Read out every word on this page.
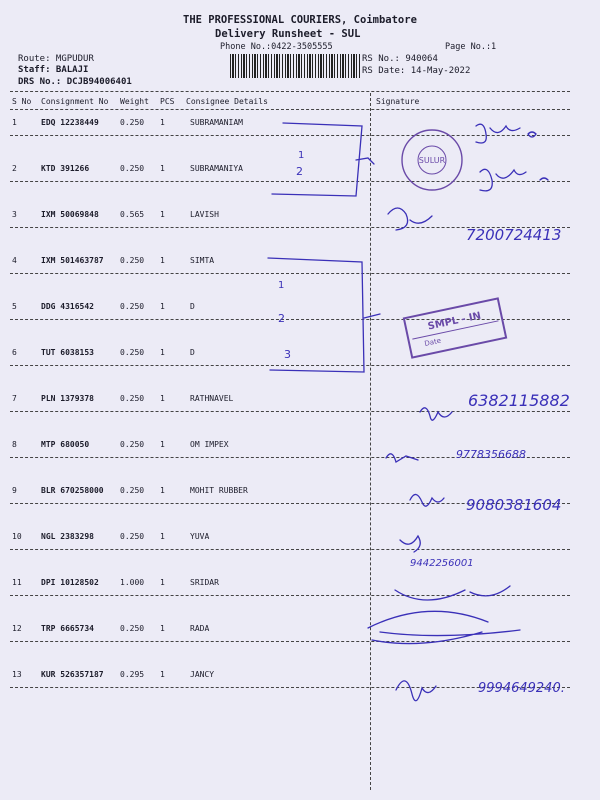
THE PROFESSIONAL COURIERS, Coimbatore
Delivery Runsheet - SUL
Phone No.:0422-3505555	Page No.:1
Route: MGPUDUR
Staff: BALAJI
DRS No.: DCJB94006401
RS No.: 940064
RS Date: 14-May-2022
S No Consignment No Weight PCS Consignee Details	Signature
1	EDQ 12238449	0.250 1	SUBRAMANIAM
2	KTD 391266	0.250 1	SUBRAMANIYA
3	IXM 50069848	0.565 1	LAVISH
4	IXM 501463787 0.250 1	SIMTA
5	DDG 4316542	0.250 1	D
6	TUT 6038153	0.250 1	D
7	PLN 1379378	0.250 1	RATHNAVEL
8	MTP 680050	0.250 1	OM IMPEX
9	BLR 670258000 0.250 1	MOHIT RUBBER
10 NGL 2383298	0.250 1	YUVA
11 DPI 10128502	1.000 1	SRIDAR
12 TRP 6665734	0.250 1	RADA
13 KUR 526357187 0.295 1	JANCY
1
2
1
2
3
7200724413
6382115882
9778356688
9080381604
9442256001
9994649240.
SULUR
SMPL - IN
Date
